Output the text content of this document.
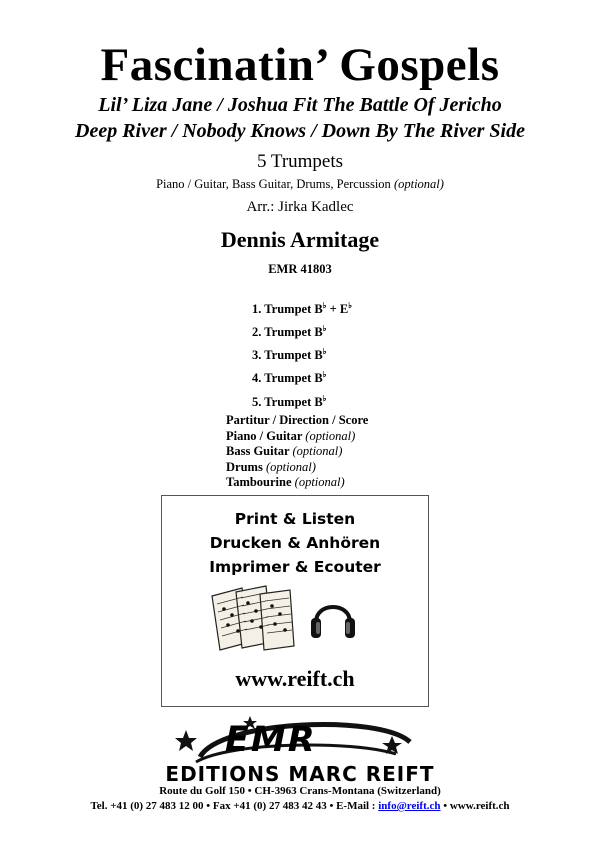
Fascinatin’ Gospels
Lil’ Liza Jane / Joshua Fit The Battle Of Jericho
Deep River / Nobody Knows / Down By The River Side
5 Trumpets
Piano / Guitar, Bass Guitar, Drums, Percussion (optional)
Arr.: Jirka Kadlec
Dennis Armitage
EMR 41803
1. Trumpet B♭ + E♭
2. Trumpet B♭
3. Trumpet B♭
4. Trumpet B♭
5. Trumpet B♭
Partitur / Direction / Score
Piano / Guitar (optional)
Bass Guitar (optional)
Drums (optional)
Tambourine (optional)
Print & Listen
Drucken & Anhören
Imprimer & Ecouter
www.reift.ch
EMR
EDITIONS MARC REIFT
Route du Golf 150 • CH-3963 Crans-Montana (Switzerland)
Tel. +41 (0) 27 483 12 00 • Fax +41 (0) 27 483 42 43 • E-Mail : info@reift.ch • www.reift.ch
